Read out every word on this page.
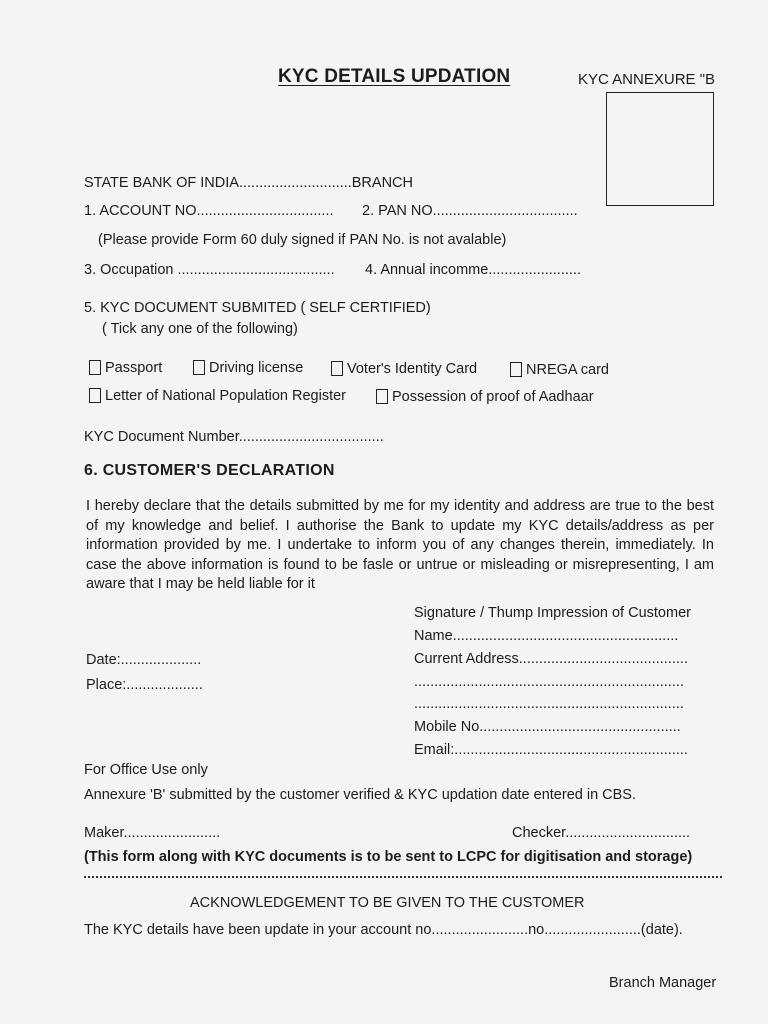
KYC DETAILS UPDATION	KYC ANNEXURE "B
STATE BANK OF INDIA............................BRANCH
1. ACCOUNT NO.................................. 2. PAN NO....................................
(Please provide Form 60 duly signed if PAN No. is not avalable)
3. Occupation ....................................... 4. Annual incomme.......................
5. KYC DOCUMENT SUBMITED ( SELF CERTIFIED)
( Tick any one of the following)
Passport	Driving license	Voter's Identity Card	NREGA card
Letter of National Population Register	Possession of proof of Aadhaar
KYC Document Number....................................
6. CUSTOMER'S DECLARATION
I hereby declare that the details submitted by me for my identity and address are true to the best of my knowledge and belief. I authorise the Bank to update my KYC details/address as per information provided by me. I undertake to inform you of any changes therein, immediately. In case the above information is found to be fasle or untrue or misleading or misrepresenting, I am aware that I may be held liable for it
Signature / Thump Impression of Customer
Name........................................................
Date:....................	Current Address..........................................
Place:...................	...................................................................
...................................................................
Mobile No..................................................
Email:..........................................................
For Office Use only
Annexure 'B' submitted by the customer verified & KYC updation date entered in CBS.
Maker........................	Checker...............................
(This form along with KYC documents is to be sent to LCPC for digitisation and storage)
ACKNOWLEDGEMENT TO BE GIVEN TO THE CUSTOMER
The KYC details have been update in your account no........................no........................(date).
Branch Manager
